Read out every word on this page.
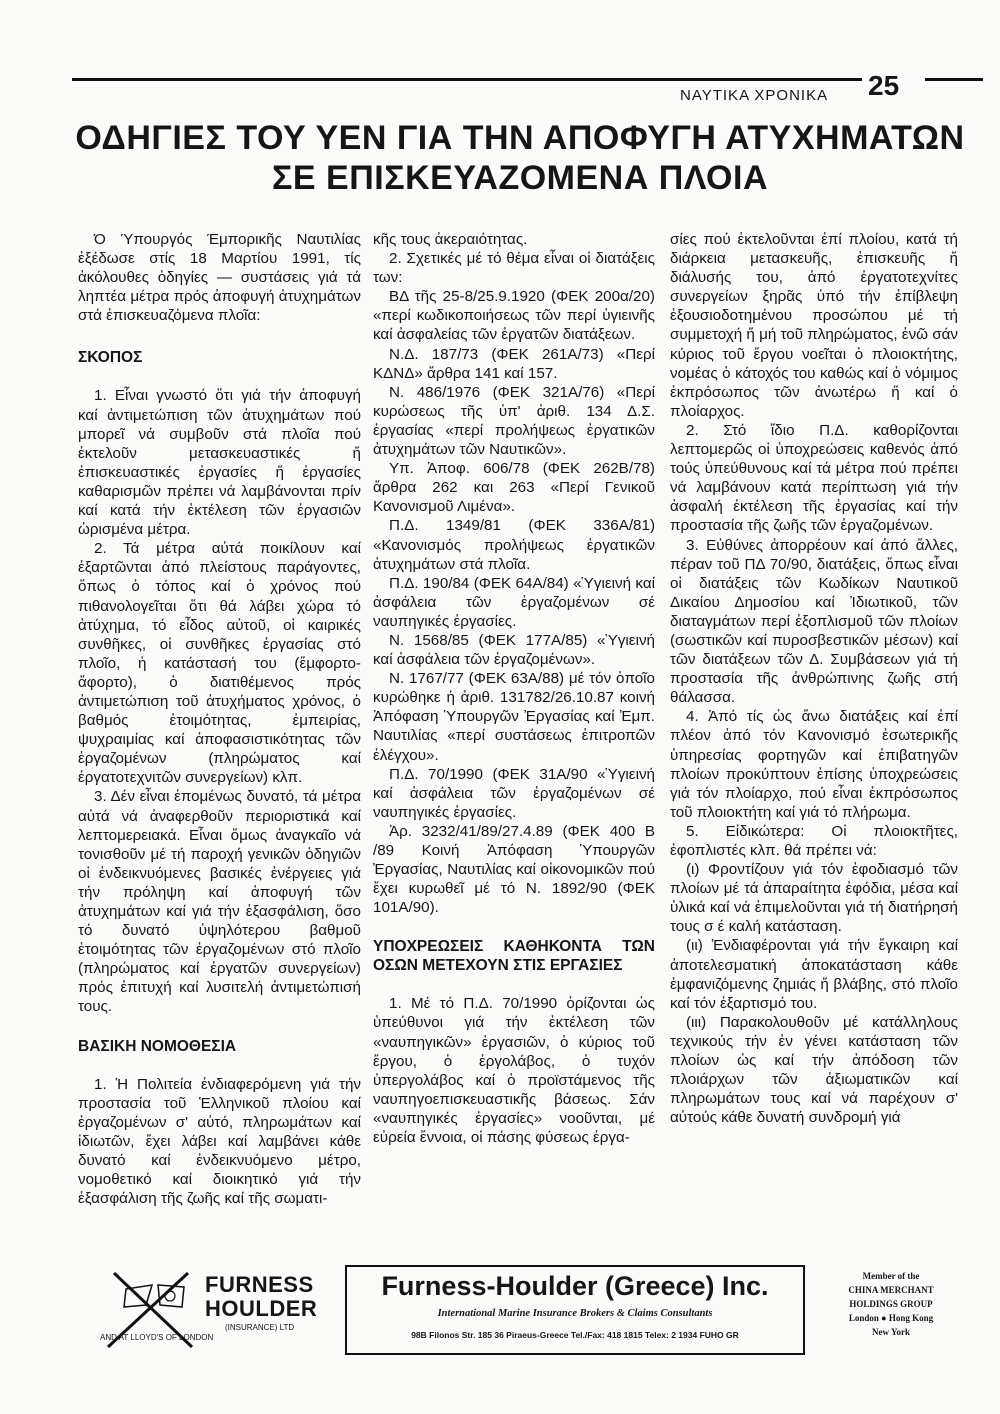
ΝΑΥΤΙΚΑ ΧΡΟΝΙΚΑ 25
ΟΔΗΓΙΕΣ ΤΟΥ ΥΕΝ ΓΙΑ ΤΗΝ ΑΠΟΦΥΓΗ ΑΤΥΧΗΜΑΤΩΝ
ΣΕ ΕΠΙΣΚΕΥΑΖΟΜΕΝΑ ΠΛΟΙΑ

Ό Ύπουργός Έμπορικῆς Ναυτιλίας ἐξέδωσε στίς 18 Μαρτίου 1991, τίς ἀκόλουθες ὁδηγίες — συστάσεις γιά τά ληπτέα μέτρα πρός ἀποφυγή ἀτυχημάτων στά ἐπισκευαζόμενα πλοῖα:

ΣΚΟΠΟΣ

1. Εἶναι γνωστό ὅτι γιά τήν ἀποφυγή καί ἀντιμετώπιση τῶν ἀτυχημάτων πού μπορεῖ νά συμβοῦν στά πλοῖα πού ἐκτελοῦν μετασκευαστικές ἤ ἐπισκευαστικές ἐργασίες ἤ ἐργασίες καθαρισμῶν πρέπει νά λαμβάνονται πρίν καί κατά τήν ἐκτέλεση τῶν ἐργασιῶν ὡρισμένα μέτρα.

2. Τά μέτρα αὐτά ποικίλουν καί ἐξαρτῶνται ἀπό πλείστους παράγοντες, ὅπως ὁ τόπος καί ὁ χρόνος πού πιθανολογεῖται ὅτι θά λάβει χώρα τό ἀτύχημα, τό εἶδος αὐτοῦ, οἱ καιρικές συνθῆκες, οἱ συνθῆκες ἐργασίας στό πλοῖο, ἡ κατάστασή του (ἔμφορτο-ἄφορτο), ὁ διατιθέμενος πρός ἀντιμετώπιση τοῦ ἀτυχήματος χρόνος, ὁ βαθμός ἑτοιμότητας, ἐμπειρίας, ψυχραιμίας καί ἀποφασιστικότητας τῶν ἐργαζομένων (πληρώματος καί ἐργατοτεχνιτῶν συνεργείων) κλπ.

3. Δέν εἶναι ἑπομένως δυνατό, τά μέτρα αὐτά νά ἀναφερθοῦν περιοριστικά καί λεπτομερειακά. Εἶναι ὅμως ἀναγκαῖο νά τονισθοῦν μέ τή παροχή γενικῶν ὁδηγιῶν οἱ ἐνδεικνυόμενες βασικές ἐνέργειες γιά τήν πρόληψη καί ἀποφυγή τῶν ἀτυχημάτων καί γιά τήν ἐξασφάλιση, ὅσο τό δυνατό ὑψηλότερου βαθμοῦ ἑτοιμότητας τῶν ἐργαζομένων στό πλοῖο (πληρώματος καί ἐργατῶν συνεργείων) πρός ἐπιτυχή καί λυσιτελή ἀντιμετώπισή τους.

ΒΑΣΙΚΗ ΝΟΜΟΘΕΣΙΑ

1. Ἡ Πολιτεία ἐνδιαφερόμενη γιά τήν προστασία τοῦ Ἑλληνικοῦ πλοίου καί ἐργαζομένων σ' αὐτό, πληρωμάτων καί ἰδιωτῶν, ἔχει λάβει καί λαμβάνει κάθε δυνατό καί ἐνδεικνυόμενο μέτρο, νομοθετικό καί διοικητικό γιά τήν ἐξασφάλιση τῆς ζωῆς καί τῆς σωματι-

κῆς τους ἀκεραιότητας.

2. Σχετικές μέ τό θέμα εἶναι οἱ διατάξεις των:

ΒΔ τῆς 25-8/25.9.1920 (ΦΕΚ 200α/20) «περί κωδικοποιήσεως τῶν περί ὑγιεινῆς καί ἀσφαλείας τῶν ἐργατῶν διατάξεων.

Ν.Δ. 187/73 (ΦΕΚ 261Α/73) «Περί ΚΔΝΔ» ἄρθρα 141 καί 157.

Ν. 486/1976 (ΦΕΚ 321Α/76) «Περί κυρώσεως τῆς ὑπ' ἀριθ. 134 Δ.Σ. ἐργασίας «περί προλήψεως ἐργατικῶν ἀτυχημάτων τῶν Ναυτικῶν».

Υπ. Ἀποφ. 606/78 (ΦΕΚ 262Β/78) ἄρθρα 262 και 263 «Περί Γενικοῦ Κανονισμοῦ Λιμένα».

Π.Δ. 1349/81 (ΦΕΚ 336Α/81) «Κανονισμός προλήψεως ἐργατικῶν ἀτυχημάτων στά πλοῖα.

Π.Δ. 190/84 (ΦΕΚ 64Α/84) «Ὑγιεινή καί ἀσφάλεια τῶν ἐργαζομένων σέ ναυπηγικές ἐργασίες.

Ν. 1568/85 (ΦΕΚ 177Α/85) «Ὑγιεινή καί ἀσφάλεια τῶν ἐργαζομένων».

Ν. 1767/77 (ΦΕΚ 63Α/88) μέ τόν ὁποῖο κυρώθηκε ἡ ἀριθ. 131782/26.10.87 κοινή Ἀπόφαση Ὑπουργῶν Ἐργασίας καί Ἐμπ. Ναυτιλίας «περί συστάσεως ἐπιτροπῶν ἐλέγχου».

Π.Δ. 70/1990 (ΦΕΚ 31Α/90 «Ὑγιεινή καί ἀσφάλεια τῶν ἐργαζομένων σέ ναυπηγικές ἐργασίες.

Ἀρ. 3232/41/89/27.4.89 (ΦΕΚ 400 Β /89 Κοινή Ἀπόφαση Ὑπουργῶν Ἐργασίας, Ναυτιλίας καί οἰκονομικῶν πού ἔχει κυρωθεῖ μέ τό Ν. 1892/90 (ΦΕΚ 101Α/90).

ΥΠΟΧΡΕΩΣΕΙΣ ΚΑΘΗΚΟΝΤΑ ΤΩΝ ΟΣΩΝ ΜΕΤΕΧΟΥΝ ΣΤΙΣ ΕΡΓΑΣΙΕΣ

1. Μέ τό Π.Δ. 70/1990 ὁρίζονται ὡς ὑπεύθυνοι γιά τήν ἐκτέλεση τῶν «ναυπηγικῶν» ἐργασιῶν, ὁ κύριος τοῦ ἔργου, ὁ ἐργολάβος, ὁ τυχόν ὑπεργολάβος καί ὁ προϊστάμενος τῆς ναυπηγοεπισκευαστικῆς βάσεως. Σάν «ναυπηγικές ἐργασίες» νοοῦνται, μέ εὐρεία ἔννοια, οἱ πάσης φύσεως ἐργα-

σίες πού ἐκτελοῦνται ἐπί πλοίου, κατά τή διάρκεια μετασκευῆς, ἐπισκευῆς ἤ διάλυσής του, ἀπό ἐργατοτεχνίτες συνεργείων ξηρᾶς ὑπό τήν ἐπίβλεψη ἐξουσιοδοτημένου προσώπου μέ τή συμμετοχή ἤ μή τοῦ πληρώματος, ἐνῶ σάν κύριος τοῦ ἔργου νοεῖται ὁ πλοιοκτήτης, νομέας ὁ κάτοχός του καθώς καί ὁ νόμιμος ἐκπρόσωπος τῶν ἀνωτέρω ἤ καί ὁ πλοίαρχος.

2. Στό ἴδιο Π.Δ. καθορίζονται λεπτομερῶς οἱ ὑποχρεώσεις καθενός ἀπό τούς ὑπεύθυνους καί τά μέτρα πού πρέπει νά λαμβάνουν κατά περίπτωση γιά τήν ἀσφαλή ἐκτέλεση τῆς ἐργασίας καί τήν προστασία τῆς ζωῆς τῶν ἐργαζομένων.

3. Εὐθύνες ἀπορρέουν καί ἀπό ἄλλες, πέραν τοῦ ΠΔ 70/90, διατάξεις, ὅπως εἶναι οἱ διατάξεις τῶν Κωδίκων Ναυτικοῦ Δικαίου Δημοσίου καί Ἰδιωτικοῦ, τῶν διαταγμάτων περί ἐξοπλισμοῦ τῶν πλοίων (σωστικῶν καί πυροσβεστικῶν μέσων) καί τῶν διατάξεων τῶν Δ. Συμβάσεων γιά τή προστασία τῆς ἀνθρώπινης ζωῆς στή θάλασσα.

4. Ἀπό τίς ὡς ἄνω διατάξεις καί ἐπί πλέον ἀπό τόν Κανονισμό ἐσωτερικῆς ὑπηρεσίας φορτηγῶν καί ἐπιβατηγῶν πλοίων προκύπτουν ἐπίσης ὑποχρεώσεις γιά τόν πλοίαρχο, πού εἶναι ἐκπρόσωπος τοῦ πλοιοκτήτη καί γιά τό πλήρωμα.

5. Εἰδικώτερα: Οἱ πλοιοκτῆτες, ἐφοπλιστές κλπ. θά πρέπει νά:

(ι) Φροντίζουν γιά τόν ἐφοδιασμό τῶν πλοίων μέ τά ἀπαραίτητα ἐφόδια, μέσα καί ὑλικά καί νά ἐπιμελοῦνται γιά τή διατήρησή τους σ έ καλή κατάσταση.

(ιι) Ἐνδιαφέρονται γιά τήν ἔγκαιρη καί ἀποτελεσματική ἀποκατάσταση κάθε ἐμφανιζόμενης ζημιάς ἤ βλάβης, στό πλοῖο καί τόν ἐξαρτισμό του.

(ιιι) Παρακολουθοῦν μέ κατάλληλους τεχνικούς τήν ἐν γένει κατάσταση τῶν πλοίων ὡς καί τήν ἀπόδοση τῶν πλοιάρχων τῶν ἀξιωματικῶν καί πληρωμάτων τους καί νά παρέχουν σ' αὐτούς κάθε δυνατή συνδρομή γιά

FURNESS
HOULDER
(INSURANCE) LTD
AND AT LLOYD'S OF LONDON
Furness-Houlder (Greece) Inc.
International Marine Insurance Brokers & Claims Consultants
98B Filonos Str. 185 36 Piraeus-Greece Tel./Fax: 418 1815 Telex: 2 1934 FUHO GR
Member of the
CHINA MERCHANT
HOLDINGS GROUP
London ● Hong Kong
New York
